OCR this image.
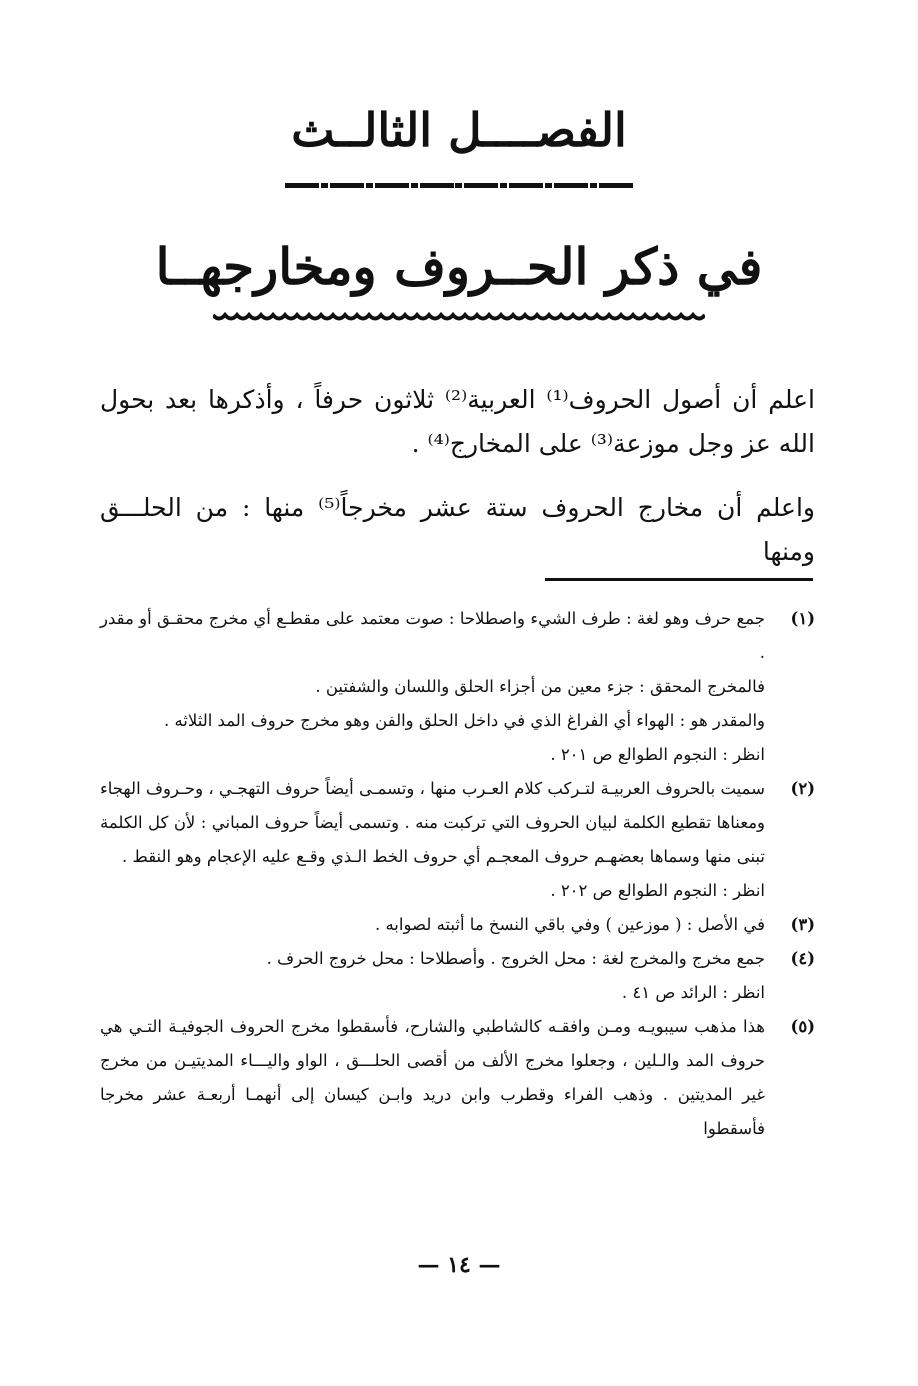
الفصــــل الثالــث
في ذكر الحــروف ومخارجهــا

اعلم أن أصول الحروف⁽¹⁾ العربية⁽²⁾ ثلاثون حرفاً ، وأذكرها بعد بحول الله عز وجل موزعة⁽³⁾ على المخارج⁽⁴⁾ .

واعلم أن مخارج الحروف ستة عشر مخرجاً⁽⁵⁾ منها : من الحلـــق ومنها

(١)
جمع حرف وهو لغة : طرف الشيء واصطلاحا : صوت معتمد على مقطـع أي مخرج محقـق أو مقدر .
فالمخرج المحقق : جزء معين من أجزاء الحلق واللسان والشفتين .
والمقدر هو : الهواء أي الفراغ الذي في داخل الحلق والفن وهو مخرج حروف المد الثلاثه .
انظر : النجوم الطوالع ص ٢٠١ .
(٢)
سميت بالحروف العربيـة لتـركب كلام العـرب منها ، وتسمـى أيضاً حروف التهجـي ، وحـروف الهجاء ومعناها تقطيع الكلمة لبيان الحروف التي تركبت منه . وتسمى أيضاً حروف المباني : لأن كل الكلمة تبنى منها وسماها بعضهـم حروف المعجـم أي حروف الخط الـذي وقـع عليه الإعجام وهو النقط .
انظر : النجوم الطوالع ص ٢٠٢ .
(٣)
في الأصل : ( موزعين ) وفي باقي النسخ ما أثبته لصوابه .
(٤)
جمع مخرج والمخرج لغة : محل الخروج . وأصطلاحا : محل خروج الحرف .
انظر : الرائد ص ٤١ .
(٥)
هذا مذهب سيبويـه ومـن وافقـه كالشاطبي والشارح، فأسقطوا مخرج الحروف الجوفيـة التـي هي حروف المد والـلين ، وجعلوا مخرج الألف من أقصى الحلـــق ، الواو واليـــاء المديتيـن من مخرج غير المديتين . وذهب الفراء وقطرب وابن دريد وابـن كيسان إلى أنهمـا أربعـة عشر مخرجا فأسقطوا
— ١٤ —
